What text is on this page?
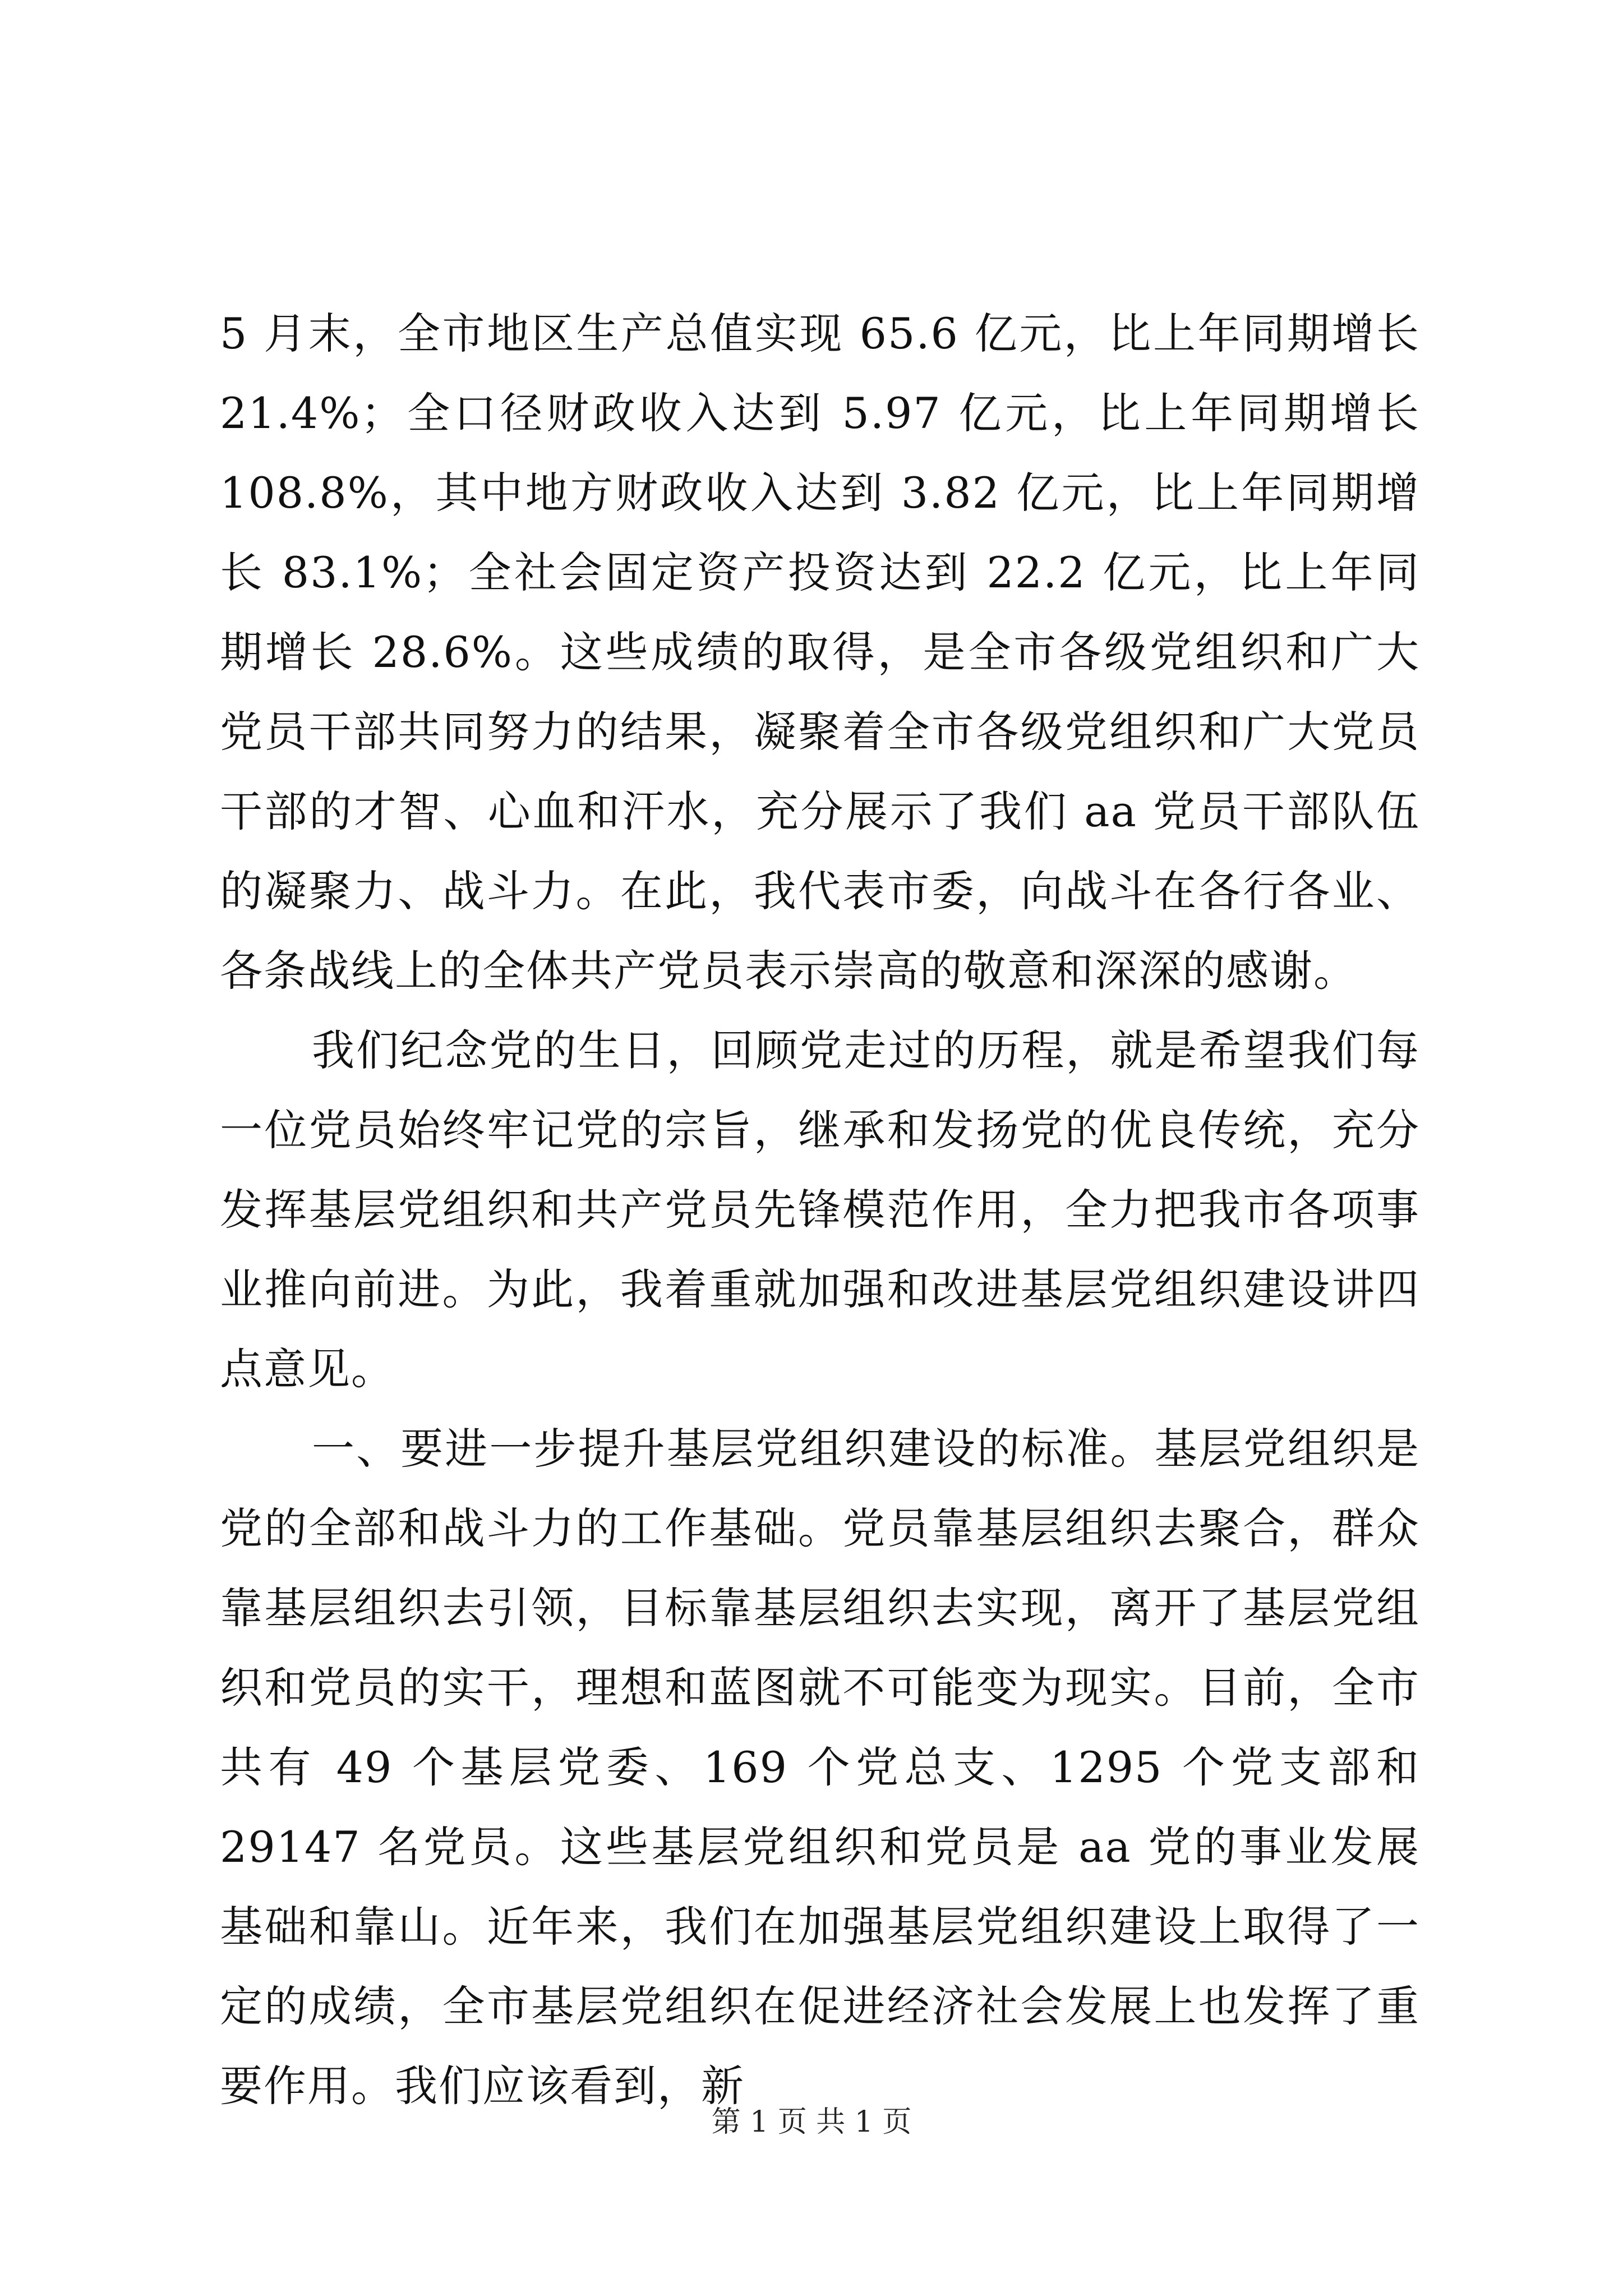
5 月末，全市地区生产总值实现 65.6 亿元，比上年同期增长 21.4%；全口径财政收入达到 5.97 亿元，比上年同期增长 108.8%，其中地方财政收入达到 3.82 亿元，比上年同期增长 83.1%；全社会固定资产投资达到 22.2 亿元，比上年同期增长 28.6%。这些成绩的取得，是全市各级党组织和广大党员干部共同努力的结果，凝聚着全市各级党组织和广大党员干部的才智、心血和汗水，充分展示了我们 aa 党员干部队伍的凝聚力、战斗力。在此，我代表市委，向战斗在各行各业、各条战线上的全体共产党员表示崇高的敬意和深深的感谢。

我们纪念党的生日，回顾党走过的历程，就是希望我们每一位党员始终牢记党的宗旨，继承和发扬党的优良传统，充分发挥基层党组织和共产党员先锋模范作用，全力把我市各项事业推向前进。为此，我着重就加强和改进基层党组织建设讲四点意见。

一、要进一步提升基层党组织建设的标准。基层党组织是党的全部和战斗力的工作基础。党员靠基层组织去聚合，群众靠基层组织去引领，目标靠基层组织去实现，离开了基层党组织和党员的实干，理想和蓝图就不可能变为现实。目前，全市共有 49 个基层党委、169 个党总支、1295 个党支部和 29147 名党员。这些基层党组织和党员是 aa 党的事业发展基础和靠山。近年来，我们在加强基层党组织建设上取得了一定的成绩，全市基层党组织在促进经济社会发展上也发挥了重要作用。我们应该看到，新

第 1 页 共 1 页
